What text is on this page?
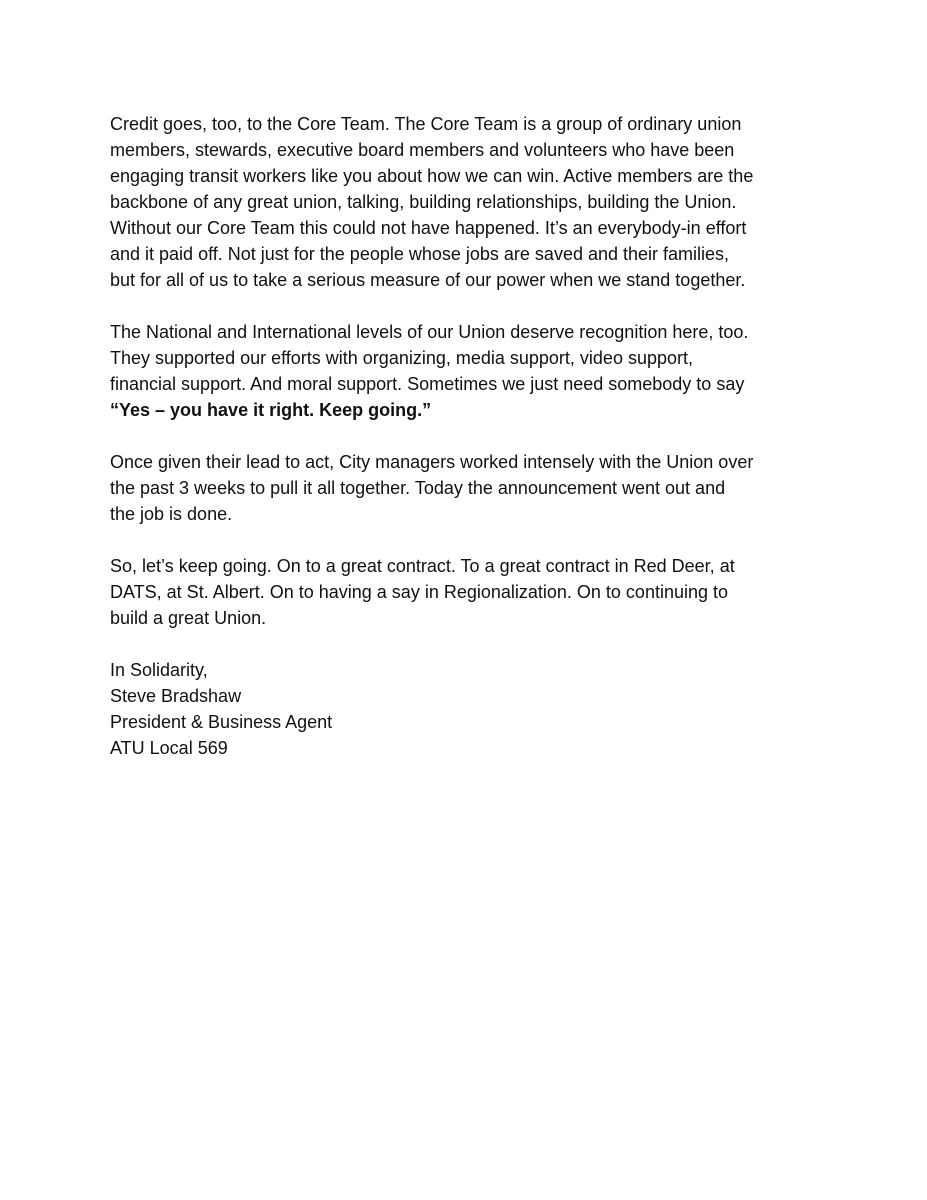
Credit goes, too, to the Core Team. The Core Team is a group of ordinary union
members, stewards, executive board members and volunteers who have been
engaging transit workers like you about how we can win. Active members are the
backbone of any great union, talking, building relationships, building the Union.
Without our Core Team this could not have happened. It’s an everybody-in effort
and it paid off. Not just for the people whose jobs are saved and their families,
but for all of us to take a serious measure of our power when we stand together.

The National and International levels of our Union deserve recognition here, too.
They supported our efforts with organizing, media support, video support,
financial support. And moral support. Sometimes we just need somebody to say
“Yes – you have it right. Keep going.”

Once given their lead to act, City managers worked intensely with the Union over
the past 3 weeks to pull it all together. Today the announcement went out and
the job is done.

So, let’s keep going. On to a great contract. To a great contract in Red Deer, at
DATS, at St. Albert. On to having a say in Regionalization. On to continuing to
build a great Union.

In Solidarity,
Steve Bradshaw
President & Business Agent
ATU Local 569
